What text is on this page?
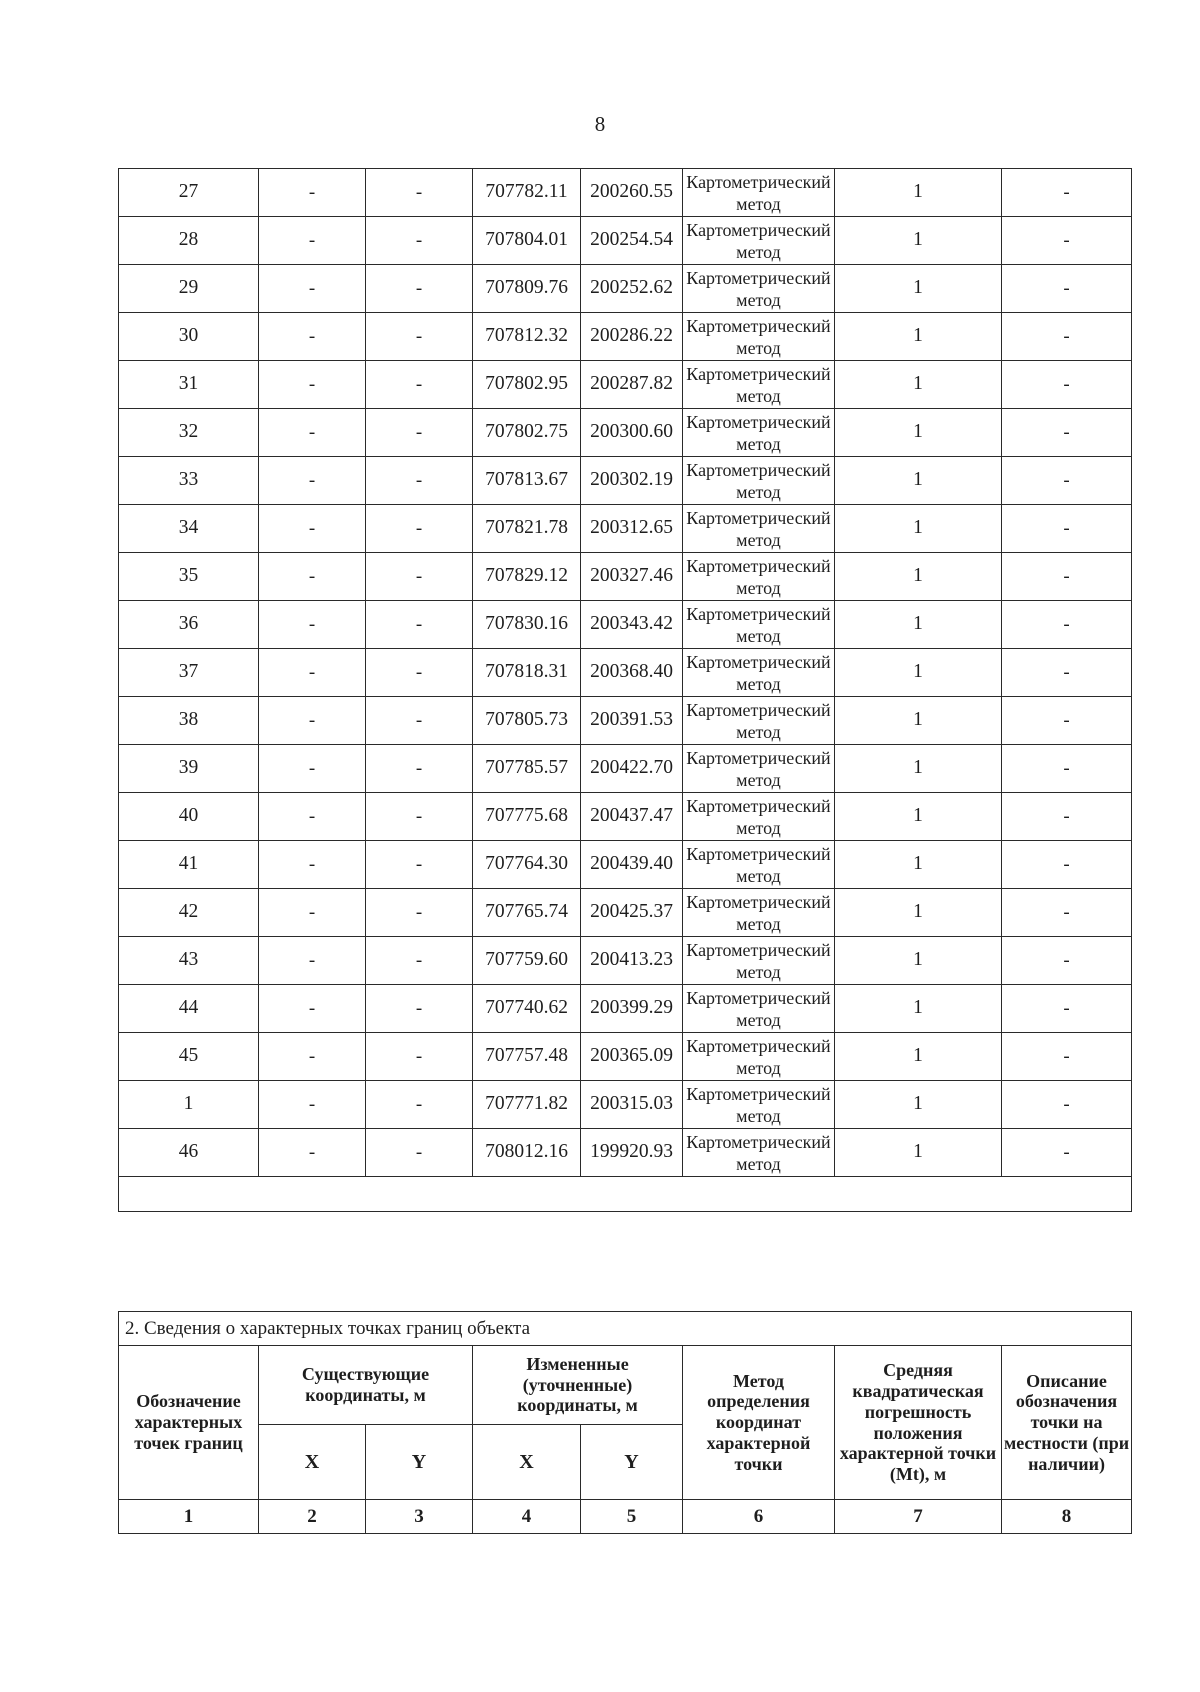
8
27	-	-	707782.11	200260.55	Картометрический метод	1	-
28	-	-	707804.01	200254.54	Картометрический метод	1	-
29	-	-	707809.76	200252.62	Картометрический метод	1	-
30	-	-	707812.32	200286.22	Картометрический метод	1	-
31	-	-	707802.95	200287.82	Картометрический метод	1	-
32	-	-	707802.75	200300.60	Картометрический метод	1	-
33	-	-	707813.67	200302.19	Картометрический метод	1	-
34	-	-	707821.78	200312.65	Картометрический метод	1	-
35	-	-	707829.12	200327.46	Картометрический метод	1	-
36	-	-	707830.16	200343.42	Картометрический метод	1	-
37	-	-	707818.31	200368.40	Картометрический метод	1	-
38	-	-	707805.73	200391.53	Картометрический метод	1	-
39	-	-	707785.57	200422.70	Картометрический метод	1	-
40	-	-	707775.68	200437.47	Картометрический метод	1	-
41	-	-	707764.30	200439.40	Картометрический метод	1	-
42	-	-	707765.74	200425.37	Картометрический метод	1	-
43	-	-	707759.60	200413.23	Картометрический метод	1	-
44	-	-	707740.62	200399.29	Картометрический метод	1	-
45	-	-	707757.48	200365.09	Картометрический метод	1	-
1	-	-	707771.82	200315.03	Картометрический метод	1	-
46	-	-	708012.16	199920.93	Картометрический метод	1	-

2. Сведения о характерных точках границ объекта							
Обозначение характерных точек границ	Существующие координаты, м		Измененные (уточненные) координаты, м		Метод определения координат характерной точки	Средняя квадратическая погрешность положения характерной точки (Mt), м	Описание обозначения точки на местности (при наличии)
	X	Y	X	Y			
1	2	3	4	5	6	7	8
